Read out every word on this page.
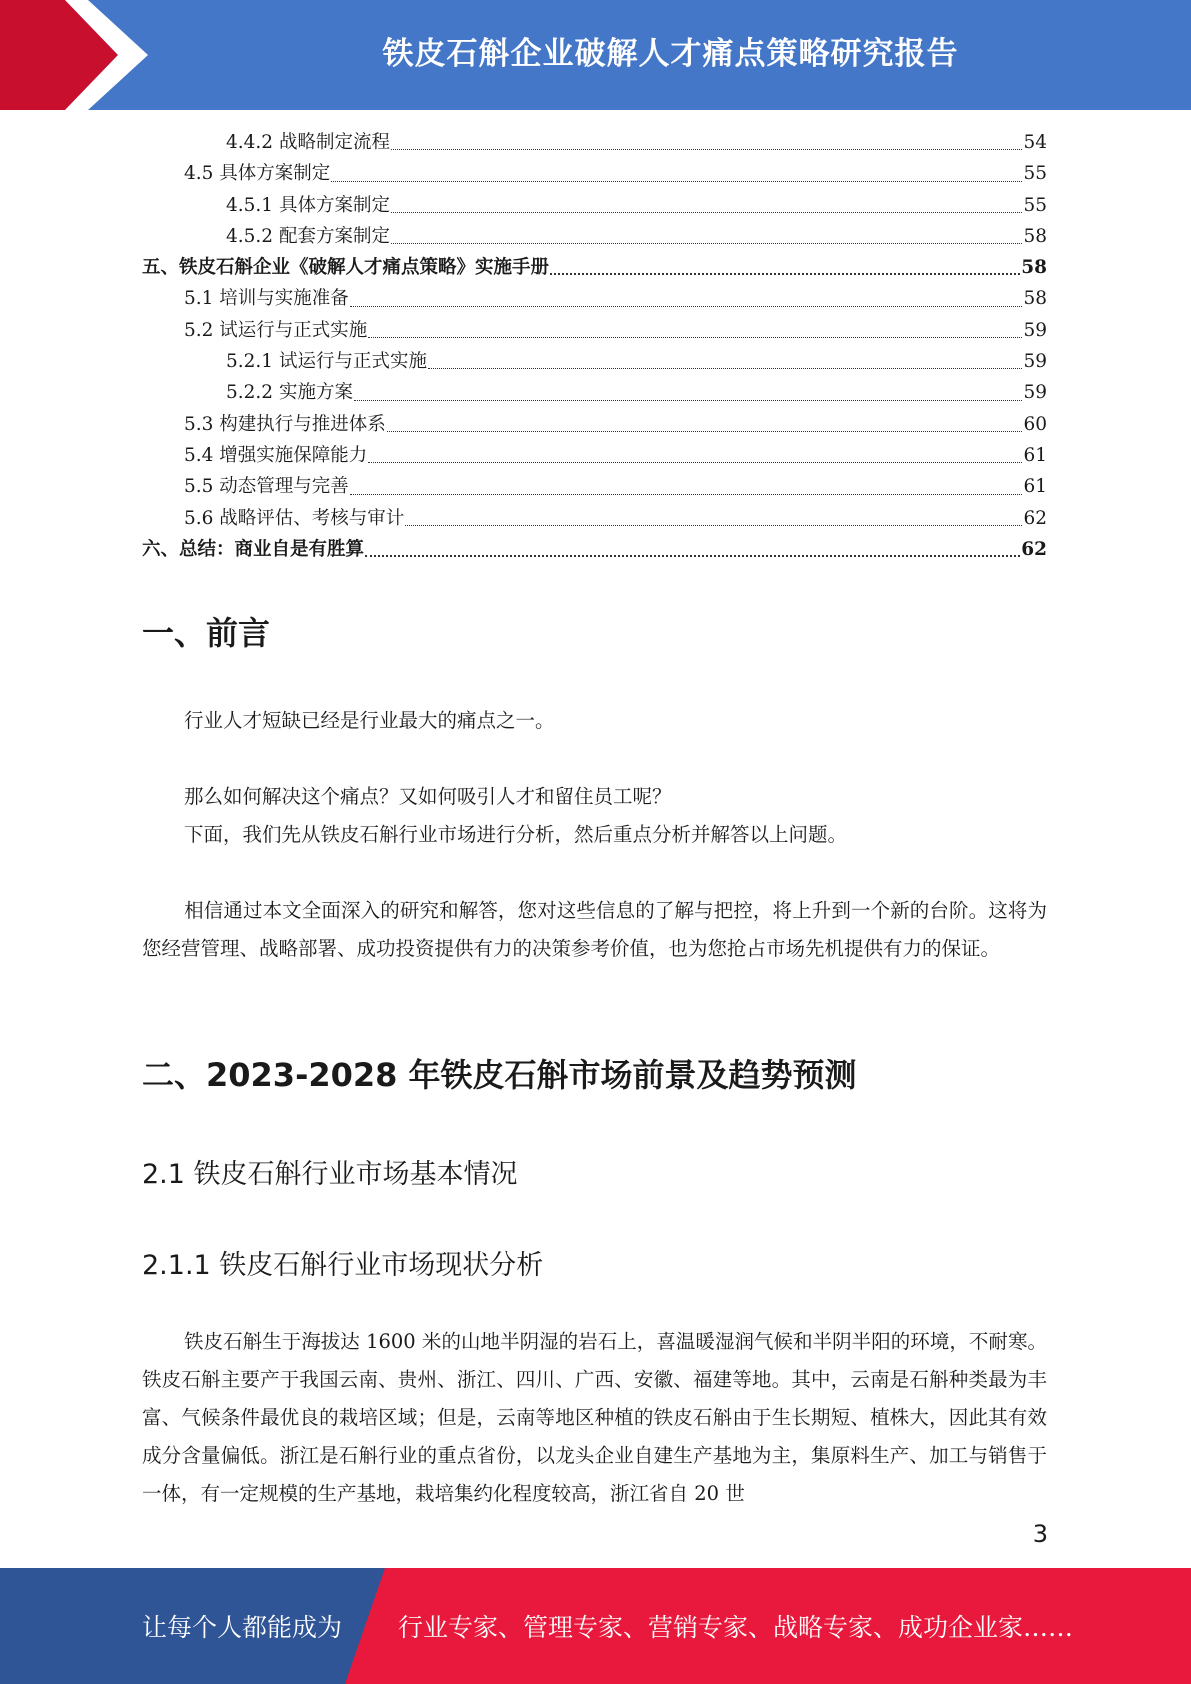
铁皮石斛企业破解人才痛点策略研究报告
4.4.2 战略制定流程	54
4.5 具体方案制定	55
4.5.1 具体方案制定	55
4.5.2 配套方案制定	58
五、铁皮石斛企业《破解人才痛点策略》实施手册	58
5.1 培训与实施准备	58
5.2 试运行与正式实施	59
5.2.1 试运行与正式实施	59
5.2.2 实施方案	59
5.3 构建执行与推进体系	60
5.4 增强实施保障能力	61
5.5 动态管理与完善	61
5.6 战略评估、考核与审计	62
六、总结：商业自是有胜算	62
一、前言
行业人才短缺已经是行业最大的痛点之一。
那么如何解决这个痛点？又如何吸引人才和留住员工呢？
下面，我们先从铁皮石斛行业市场进行分析，然后重点分析并解答以上问题。
相信通过本文全面深入的研究和解答，您对这些信息的了解与把控，将上升到一个新的台阶。这将为您经营管理、战略部署、成功投资提供有力的决策参考价值，也为您抢占市场先机提供有力的保证。
二、2023-2028 年铁皮石斛市场前景及趋势预测
2.1 铁皮石斛行业市场基本情况
2.1.1 铁皮石斛行业市场现状分析
铁皮石斛生于海拔达 1600 米的山地半阴湿的岩石上，喜温暖湿润气候和半阴半阳的环境，不耐寒。铁皮石斛主要产于我国云南、贵州、浙江、四川、广西、安徽、福建等地。其中，云南是石斛种类最为丰富、气候条件最优良的栽培区域；但是，云南等地区种植的铁皮石斛由于生长期短、植株大，因此其有效成分含量偏低。浙江是石斛行业的重点省份，以龙头企业自建生产基地为主，集原料生产、加工与销售于一体，有一定规模的生产基地，栽培集约化程度较高，浙江省自 20 世
3
让每个人都能成为 行业专家、管理专家、营销专家、战略专家、成功企业家……
